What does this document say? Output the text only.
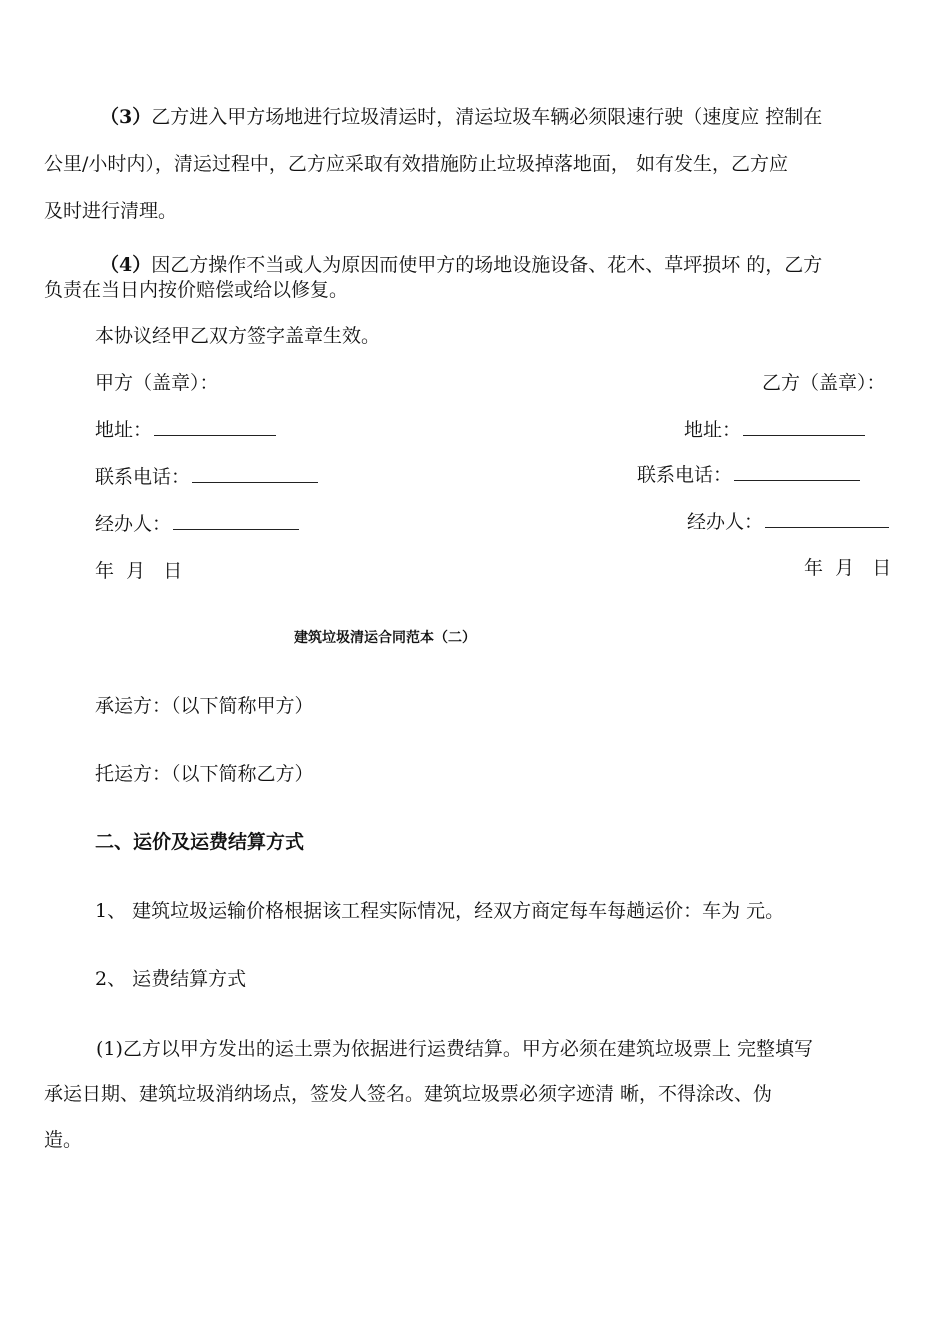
（3）乙方进入甲方场地进行垃圾清运时，清运垃圾车辆必须限速行驶（速度应 控制在
公里/小时内），清运过程中，乙方应采取有效措施防止垃圾掉落地面， 如有发生，乙方应
及时进行清理。
（4）因乙方操作不当或人为原因而使甲方的场地设施设备、花木、草坪损坏 的，乙方
负责在当日内按价赔偿或给以修复。
本协议经甲乙双方签字盖章生效。
甲方（盖章）：
地址：
联系电话：
经办人：
年  月   日
乙方（盖章）：
地址：
联系电话：
经办人：
年  月   日
建筑垃圾清运合同范本（二）
承运方：（以下简称甲方）
托运方：（以下简称乙方）
二、运价及运费结算方式
1、 建筑垃圾运输价格根据该工程实际情况，经双方商定每车每趟运价：车为 元。
2、 运费结算方式
(1)乙方以甲方发出的运土票为依据进行运费结算。甲方必须在建筑垃圾票上 完整填写
承运日期、建筑垃圾消纳场点，签发人签名。建筑垃圾票必须字迹清 晰，不得涂改、伪
造。
